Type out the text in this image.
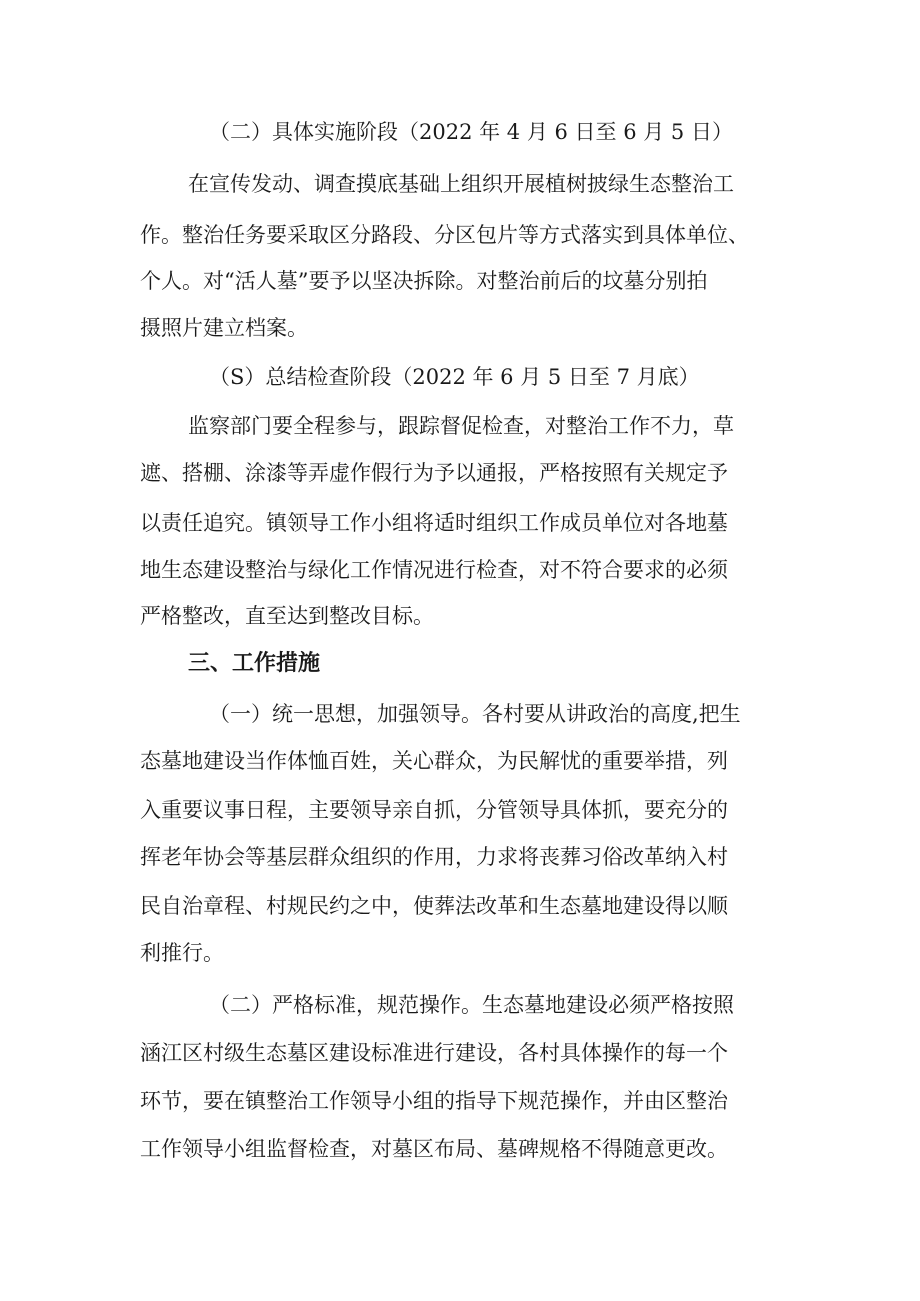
（二）具体实施阶段（2022 年 4 月 6 日至 6 月 5 日）
在宣传发动、调查摸底基础上组织开展植树披绿生态整治工
作。整治任务要采取区分路段、分区包片等方式落实到具体单位、
个人。对“活人墓”要予以坚决拆除。对整治前后的坟墓分别拍
摄照片建立档案。
（S）总结检查阶段（2022 年 6 月 5 日至 7 月底）
监察部门要全程参与，跟踪督促检查，对整治工作不力，草
遮、搭棚、涂漆等弄虚作假行为予以通报，严格按照有关规定予
以责任追究。镇领导工作小组将适时组织工作成员单位对各地墓
地生态建设整治与绿化工作情况进行检查，对不符合要求的必须
严格整改，直至达到整改目标。
三、工作措施
（一）统一思想，加强领导。各村要从讲政治的高度,把生
态墓地建设当作体恤百姓，关心群众，为民解忧的重要举措，列
入重要议事日程，主要领导亲自抓，分管领导具体抓，要充分的
挥老年协会等基层群众组织的作用，力求将丧葬习俗改革纳入村
民自治章程、村规民约之中，使葬法改革和生态墓地建设得以顺
利推行。
（二）严格标准，规范操作。生态墓地建设必须严格按照
涵江区村级生态墓区建设标准进行建设，各村具体操作的每一个
环节，要在镇整治工作领导小组的指导下规范操作，并由区整治
工作领导小组监督检查，对墓区布局、墓碑规格不得随意更改。
